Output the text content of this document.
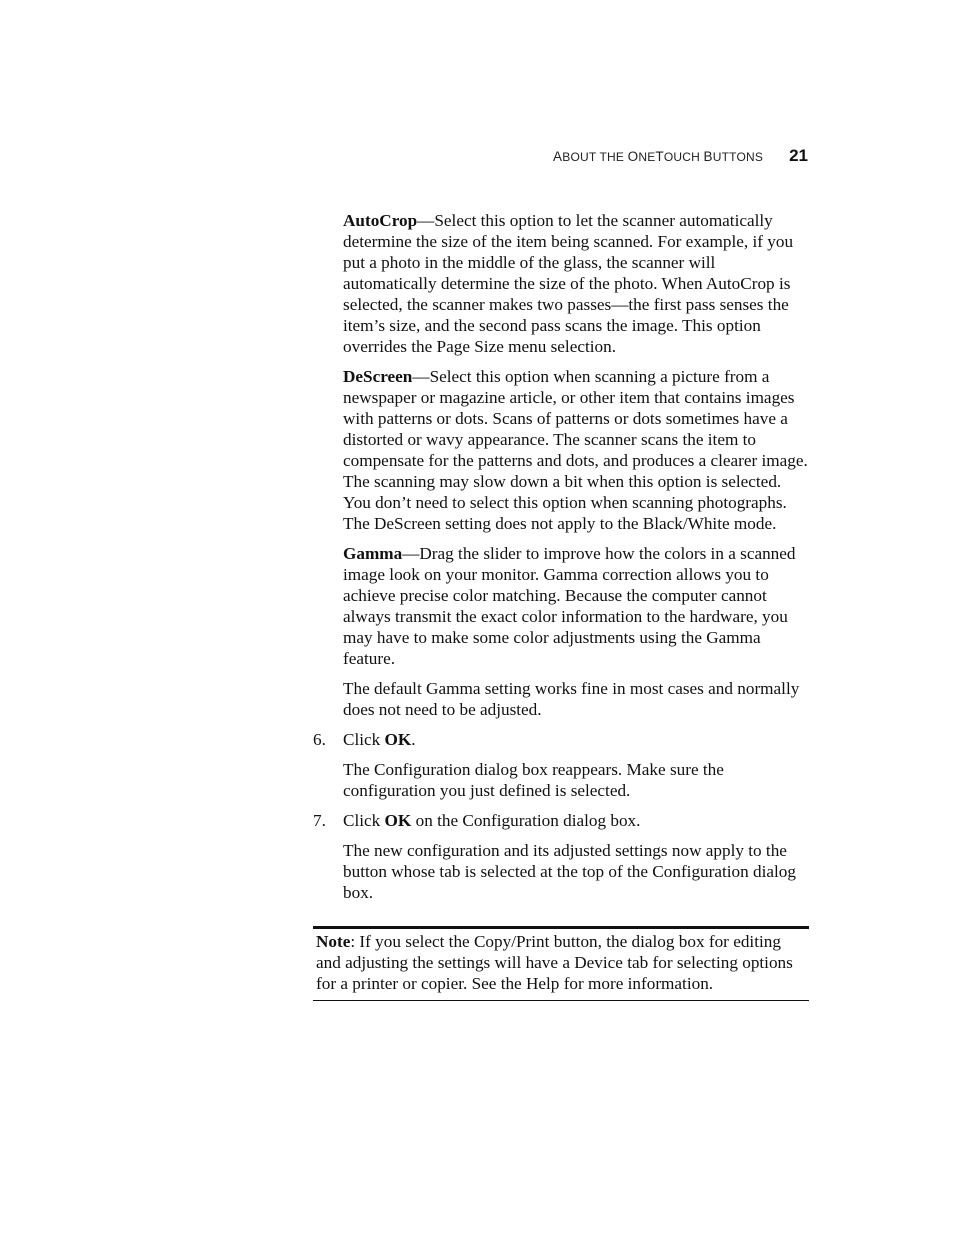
ABOUT THE ONETOUCH BUTTONS 21

AutoCrop—Select this option to let the scanner automatically determine the size of the item being scanned. For example, if you put a photo in the middle of the glass, the scanner will automatically determine the size of the photo. When AutoCrop is selected, the scanner makes two passes—the first pass senses the item’s size, and the second pass scans the image. This option overrides the Page Size menu selection.

DeScreen—Select this option when scanning a picture from a newspaper or magazine article, or other item that contains images with patterns or dots. Scans of patterns or dots sometimes have a distorted or wavy appearance. The scanner scans the item to compensate for the patterns and dots, and produces a clearer image. The scanning may slow down a bit when this option is selected. You don’t need to select this option when scanning photographs. The DeScreen setting does not apply to the Black/White mode.

Gamma—Drag the slider to improve how the colors in a scanned image look on your monitor. Gamma correction allows you to achieve precise color matching. Because the computer cannot always transmit the exact color information to the hardware, you may have to make some color adjustments using the Gamma feature.

The default Gamma setting works fine in most cases and normally does not need to be adjusted.

6. Click OK.

The Configuration dialog box reappears. Make sure the configuration you just defined is selected.

7. Click OK on the Configuration dialog box.

The new configuration and its adjusted settings now apply to the button whose tab is selected at the top of the Configuration dialog box.

Note: If you select the Copy/Print button, the dialog box for editing and adjusting the settings will have a Device tab for selecting options for a printer or copier. See the Help for more information.
